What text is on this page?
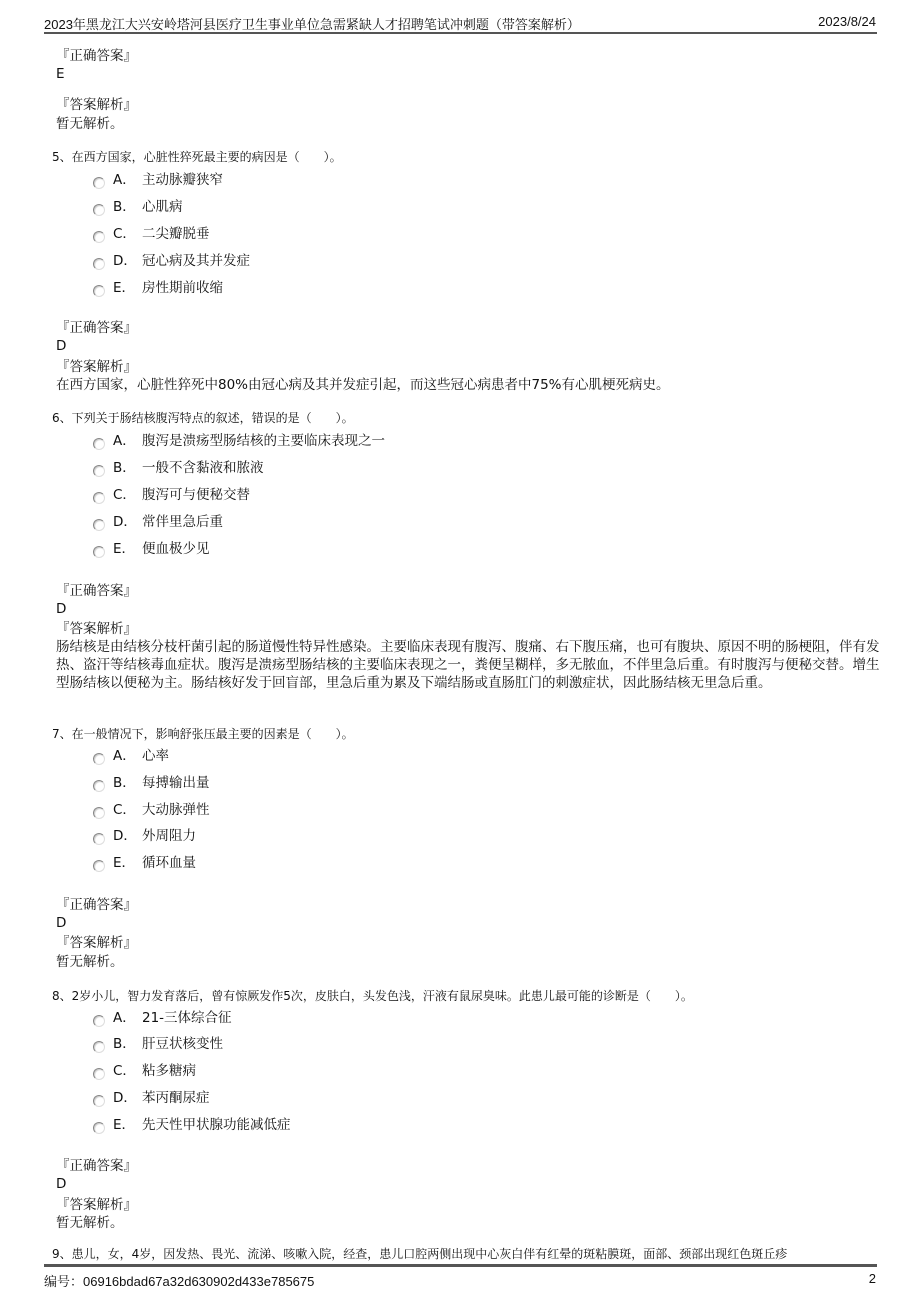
www.zixin.com.cn
2023年黑龙江大兴安岭塔河县医疗卫生事业单位急需紧缺人才招聘笔试冲刺题（带答案解析）	2023/8/24
『正确答案』
E
『答案解析』
暂无解析。
5、在西方国家，心脏性猝死最主要的病因是（　　）。
A． 主动脉瓣狭窄
B． 心肌病
C． 二尖瓣脱垂
D． 冠心病及其并发症
E． 房性期前收缩
『正确答案』
D
『答案解析』
在西方国家，心脏性猝死中80%由冠心病及其并发症引起，而这些冠心病患者中75%有心肌梗死病史。
6、下列关于肠结核腹泻特点的叙述，错误的是（　　）。
A． 腹泻是溃疡型肠结核的主要临床表现之一
B． 一般不含黏液和脓液
C． 腹泻可与便秘交替
D． 常伴里急后重
E． 便血极少见
『正确答案』
D
『答案解析』
肠结核是由结核分枝杆菌引起的肠道慢性特异性感染。主要临床表现有腹泻、腹痛、右下腹压痛，也可有腹块、原因不明的肠梗阻，伴有发热、盗汗等结核毒血症状。腹泻是溃疡型肠结核的主要临床表现之一，粪便呈糊样，多无脓血，不伴里急后重。有时腹泻与便秘交替。增生型肠结核以便秘为主。肠结核好发于回盲部，里急后重为累及下端结肠或直肠肛门的刺激症状，因此肠结核无里急后重。
7、在一般情况下，影响舒张压最主要的因素是（　　）。
A． 心率
B． 每搏输出量
C． 大动脉弹性
D． 外周阻力
E． 循环血量
『正确答案』
D
『答案解析』
暂无解析。
8、2岁小儿，智力发育落后，曾有惊厥发作5次，皮肤白，头发色浅，汗液有鼠尿臭味。此患儿最可能的诊断是（　　）。
A． 21-三体综合征
B． 肝豆状核变性
C． 粘多糖病
D． 苯丙酮尿症
E． 先天性甲状腺功能减低症
『正确答案』
D
『答案解析』
暂无解析。
9、患儿，女，4岁，因发热、畏光、流涕、咳嗽入院，经查，患儿口腔两侧出现中心灰白伴有红晕的斑粘膜斑，面部、颈部出现红色斑丘疹
编号：06916bdad67a32d630902d433e785675	2
